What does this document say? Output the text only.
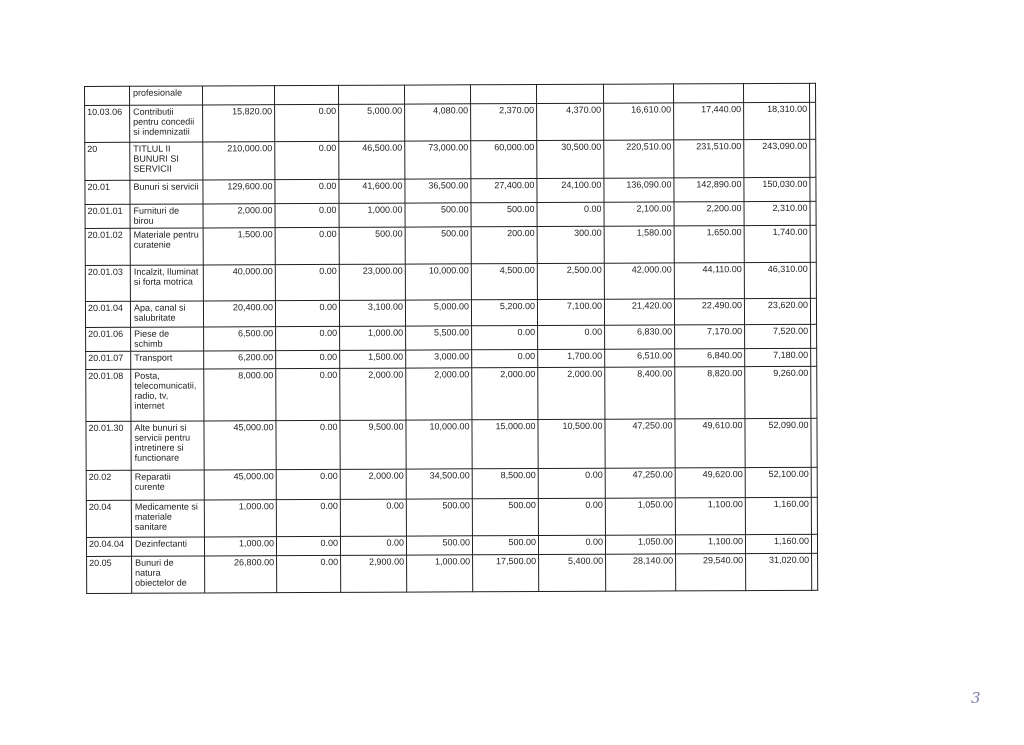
	profesionale										
10.03.06	Contributii pentru concedii si indemnizatii	15,820.00	0.00	5,000.00	4,080.00	2,370.00	4,370.00	16,610.00	17,440.00	18,310.00	
20	TITLUL II BUNURI SI SERVICII	210,000.00	0.00	46,500.00	73,000.00	60,000.00	30,500.00	220,510.00	231,510.00	243,090.00	
20.01	Bunuri si servicii	129,600.00	0.00	41,600.00	36,500.00	27,400.00	24,100.00	136,090.00	142,890.00	150,030.00	
20.01.01	Furnituri de birou	2,000.00	0.00	1,000.00	500.00	500.00	0.00	2,100.00	2,200.00	2,310.00	
20.01.02	Materiale pentru curatenie	1,500.00	0.00	500.00	500.00	200.00	300.00	1,580.00	1,650.00	1,740.00	
20.01.03	Incalzit, Iluminat si forta motrica	40,000.00	0.00	23,000.00	10,000.00	4,500.00	2,500.00	42,000.00	44,110.00	46,310.00	
20.01.04	Apa, canal si salubritate	20,400.00	0.00	3,100.00	5,000.00	5,200.00	7,100.00	21,420.00	22,490.00	23,620.00	
20.01.06	Piese de schimb	6,500.00	0.00	1,000.00	5,500.00	0.00	0.00	6,830.00	7,170.00	7,520.00	
20.01.07	Transport	6,200.00	0.00	1,500.00	3,000.00	0.00	1,700.00	6,510.00	6,840.00	7,180.00	
20.01.08	Posta, telecomunicatii, radio, tv, internet	8,000.00	0.00	2,000.00	2,000.00	2,000.00	2,000.00	8,400.00	8,820.00	9,260.00	
20.01.30	Alte bunuri si servicii pentru intretinere si functionare	45,000.00	0.00	9,500.00	10,000.00	15,000.00	10,500.00	47,250.00	49,610.00	52,090.00	
20.02	Reparatii curente	45,000.00	0.00	2,000.00	34,500.00	8,500.00	0.00	47,250.00	49,620.00	52,100.00	
20.04	Medicamente si materiale sanitare	1,000.00	0.00	0.00	500.00	500.00	0.00	1,050.00	1,100.00	1,160.00	
20.04.04	Dezinfectanti	1,000.00	0.00	0.00	500.00	500.00	0.00	1,050.00	1,100.00	1,160.00	
20.05	Bunuri de natura obiectelor de	26,800.00	0.00	2,900.00	1,000.00	17,500.00	5,400.00	28,140.00	29,540.00	31,020.00	
3
